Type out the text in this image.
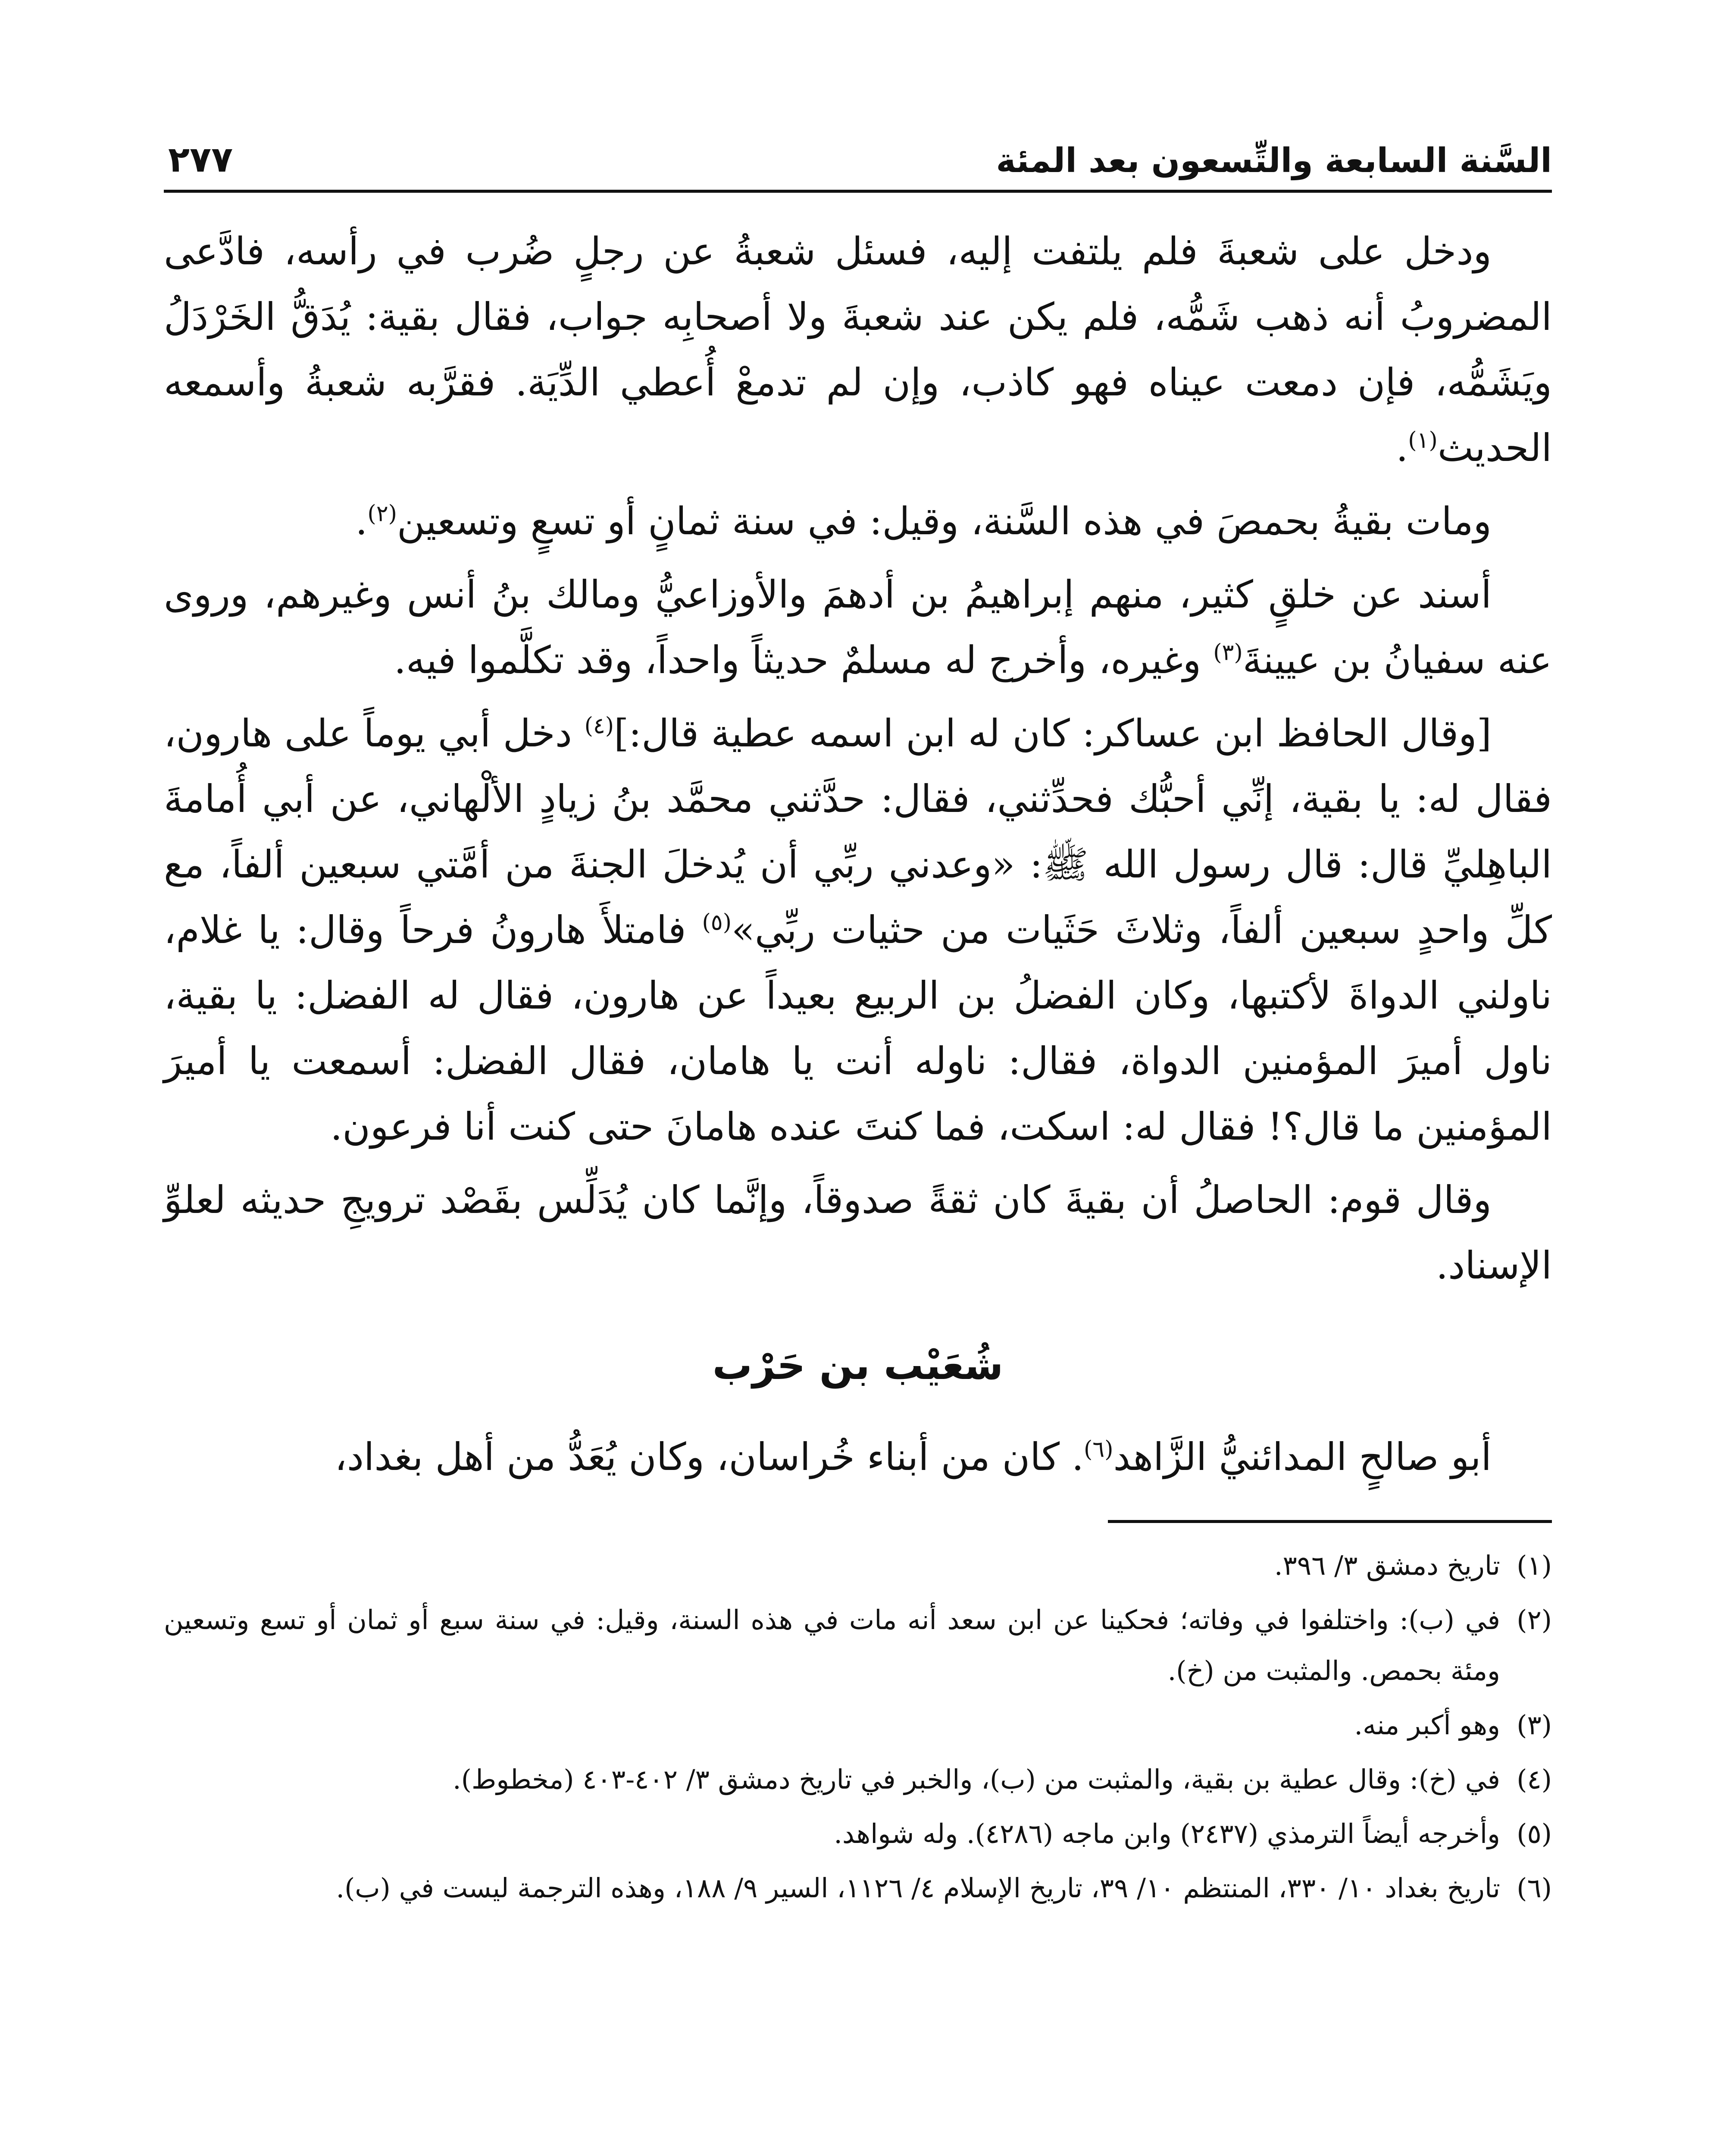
السَّنة السابعة والتِّسعون بعد المئة
٢٧٧

ودخل على شعبةَ فلم يلتفت إليه، فسئل شعبةُ عن رجلٍ ضُرب في رأسه، فادَّعى المضروبُ أنه ذهب شَمُّه، فلم يكن عند شعبةَ ولا أصحابِه جواب، فقال بقية: يُدَقُّ الخَرْدَلُ ويَشَمُّه، فإن دمعت عيناه فهو كاذب، وإن لم تدمعْ أُعطي الدِّيَة. فقرَّبه شعبةُ وأسمعه الحديث$^{(١)}$.

ومات بقيةُ بحمصَ في هذه السَّنة، وقيل: في سنة ثمانٍ أو تسعٍ وتسعين$^{(٢)}$.

أسند عن خلقٍ كثير، منهم إبراهيمُ بن أدهمَ والأوزاعيُّ ومالك بنُ أنس وغيرهم، وروى عنه سفيانُ بن عيينةَ$^{(٣)}$ وغيره، وأخرج له مسلمٌ حديثاً واحداً، وقد تكلَّموا فيه.

[وقال الحافظ ابن عساكر: كان له ابن اسمه عطية قال:]$^{(٤)}$ دخل أبي يوماً على هارون، فقال له: يا بقية، إنِّي أحبُّك فحدِّثني، فقال: حدَّثني محمَّد بنُ زيادٍ الألْهاني، عن أبي أُمامةَ الباهِليِّ قال: قال رسول الله ﷺ: «وعدني ربِّي أن يُدخلَ الجنةَ من أمَّتي سبعين ألفاً، مع كلِّ واحدٍ سبعين ألفاً، وثلاثَ حَثَيات من حثيات ربِّي»$^{(٥)}$ فامتلأَ هارونُ فرحاً وقال: يا غلام، ناولني الدواةَ لأكتبها، وكان الفضلُ بن الربيع بعيداً عن هارون، فقال له الفضل: يا بقية، ناول أميرَ المؤمنين الدواة، فقال: ناوله أنت يا هامان، فقال الفضل: أسمعت يا أميرَ المؤمنين ما قال؟! فقال له: اسكت، فما كنتَ عنده هامانَ حتى كنت أنا فرعون.

وقال قوم: الحاصلُ أن بقيةَ كان ثقةً صدوقاً، وإنَّما كان يُدَلِّس بقَصْد ترويجِ حديثه لعلوِّ الإسناد.

شُعَيْب بن حَرْب

أبو صالحٍ المدائنيُّ الزَّاهد$^{(٦)}$. كان من أبناء خُراسان، وكان يُعَدُّ من أهل بغداد،

(١)
تاريخ دمشق ٣/ ٣٩٦.
(٢)
في (ب): واختلفوا في وفاته؛ فحكينا عن ابن سعد أنه مات في هذه السنة، وقيل: في سنة سبع أو ثمان أو تسع وتسعين ومئة بحمص. والمثبت من (خ).
(٣)
وهو أكبر منه.
(٤)
في (خ): وقال عطية بن بقية، والمثبت من (ب)، والخبر في تاريخ دمشق ٣/ ٤٠٢-٤٠٣ (مخطوط).
(٥)
وأخرجه أيضاً الترمذي (٢٤٣٧) وابن ماجه (٤٢٨٦). وله شواهد.
(٦)
تاريخ بغداد ١٠/ ٣٣٠، المنتظم ١٠/ ٣٩، تاريخ الإسلام ٤/ ١١٢٦، السير ٩/ ١٨٨، وهذه الترجمة ليست في (ب).
